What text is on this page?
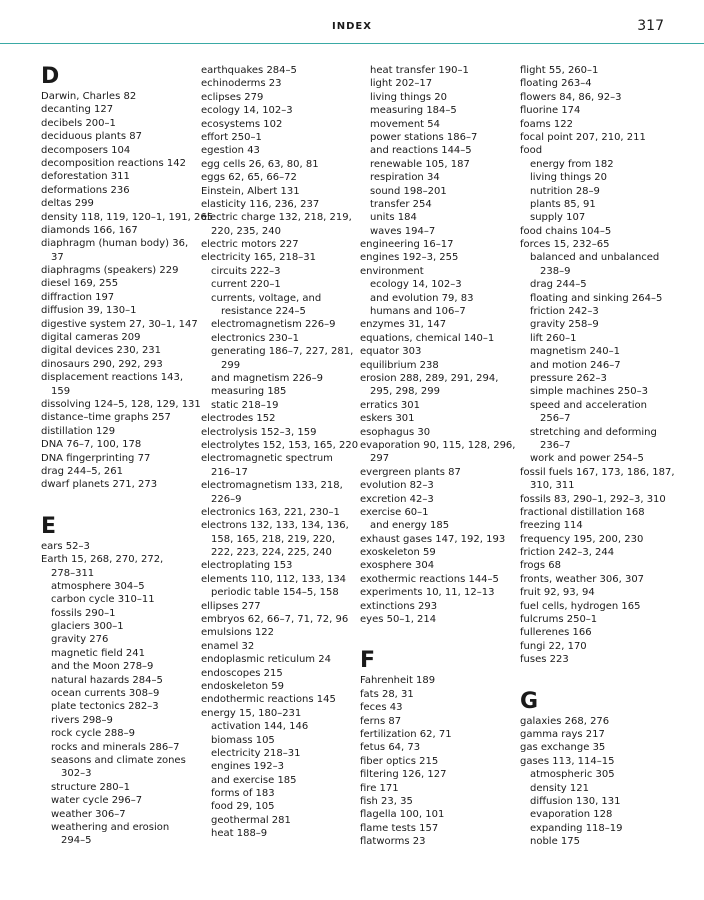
INDEX	317
D
Darwin, Charles 82
decanting 127
decibels 200–1
deciduous plants 87
decomposers 104
decomposition reactions 142
deforestation 311
deformations 236
deltas 299
density 118, 119, 120–1, 191, 265
diamonds 166, 167
diaphragm (human body) 36,
37
diaphragms (speakers) 229
diesel 169, 255
diffraction 197
diffusion 39, 130–1
digestive system 27, 30–1, 147
digital cameras 209
digital devices 230, 231
dinosaurs 290, 292, 293
displacement reactions 143,
159
dissolving 124–5, 128, 129, 131
distance–time graphs 257
distillation 129
DNA 76–7, 100, 178
DNA fingerprinting 77
drag 244–5, 261
dwarf planets 271, 273
E
ears 52–3
Earth 15, 268, 270, 272,
278–311
atmosphere 304–5
carbon cycle 310–11
fossils 290–1
glaciers 300–1
gravity 276
magnetic field 241
and the Moon 278–9
natural hazards 284–5
ocean currents 308–9
plate tectonics 282–3
rivers 298–9
rock cycle 288–9
rocks and minerals 286–7
seasons and climate zones
302–3
structure 280–1
water cycle 296–7
weather 306–7
weathering and erosion
294–5
earthquakes 284–5
echinoderms 23
eclipses 279
ecology 14, 102–3
ecosystems 102
effort 250–1
egestion 43
egg cells 26, 63, 80, 81
eggs 62, 65, 66–72
Einstein, Albert 131
elasticity 116, 236, 237
electric charge 132, 218, 219,
220, 235, 240
electric motors 227
electricity 165, 218–31
circuits 222–3
current 220–1
currents, voltage, and
resistance 224–5
electromagnetism 226–9
electronics 230–1
generating 186–7, 227, 281,
299
and magnetism 226–9
measuring 185
static 218–19
electrodes 152
electrolysis 152–3, 159
electrolytes 152, 153, 165, 220
electromagnetic spectrum
216–17
electromagnetism 133, 218,
226–9
electronics 163, 221, 230–1
electrons 132, 133, 134, 136,
158, 165, 218, 219, 220,
222, 223, 224, 225, 240
electroplating 153
elements 110, 112, 133, 134
periodic table 154–5, 158
ellipses 277
embryos 62, 66–7, 71, 72, 96
emulsions 122
enamel 32
endoplasmic reticulum 24
endoscopes 215
endoskeleton 59
endothermic reactions 145
energy 15, 180–231
activation 144, 146
biomass 105
electricity 218–31
engines 192–3
and exercise 185
forms of 183
food 29, 105
geothermal 281
heat 188–9
heat transfer 190–1
light 202–17
living things 20
measuring 184–5
movement 54
power stations 186–7
and reactions 144–5
renewable 105, 187
respiration 34
sound 198–201
transfer 254
units 184
waves 194–7
engineering 16–17
engines 192–3, 255
environment
ecology 14, 102–3
and evolution 79, 83
humans and 106–7
enzymes 31, 147
equations, chemical 140–1
equator 303
equilibrium 238
erosion 288, 289, 291, 294,
295, 298, 299
erratics 301
eskers 301
esophagus 30
evaporation 90, 115, 128, 296,
297
evergreen plants 87
evolution 82–3
excretion 42–3
exercise 60–1
and energy 185
exhaust gases 147, 192, 193
exoskeleton 59
exosphere 304
exothermic reactions 144–5
experiments 10, 11, 12–13
extinctions 293
eyes 50–1, 214
F
Fahrenheit 189
fats 28, 31
feces 43
ferns 87
fertilization 62, 71
fetus 64, 73
fiber optics 215
filtering 126, 127
fire 171
fish 23, 35
flagella 100, 101
flame tests 157
flatworms 23
flight 55, 260–1
floating 263–4
flowers 84, 86, 92–3
fluorine 174
foams 122
focal point 207, 210, 211
food
energy from 182
living things 20
nutrition 28–9
plants 85, 91
supply 107
food chains 104–5
forces 15, 232–65
balanced and unbalanced
238–9
drag 244–5
floating and sinking 264–5
friction 242–3
gravity 258–9
lift 260–1
magnetism 240–1
and motion 246–7
pressure 262–3
simple machines 250–3
speed and acceleration
256–7
stretching and deforming
236–7
work and power 254–5
fossil fuels 167, 173, 186, 187,
310, 311
fossils 83, 290–1, 292–3, 310
fractional distillation 168
freezing 114
frequency 195, 200, 230
friction 242–3, 244
frogs 68
fronts, weather 306, 307
fruit 92, 93, 94
fuel cells, hydrogen 165
fulcrums 250–1
fullerenes 166
fungi 22, 170
fuses 223
G
galaxies 268, 276
gamma rays 217
gas exchange 35
gases 113, 114–15
atmospheric 305
density 121
diffusion 130, 131
evaporation 128
expanding 118–19
noble 175
